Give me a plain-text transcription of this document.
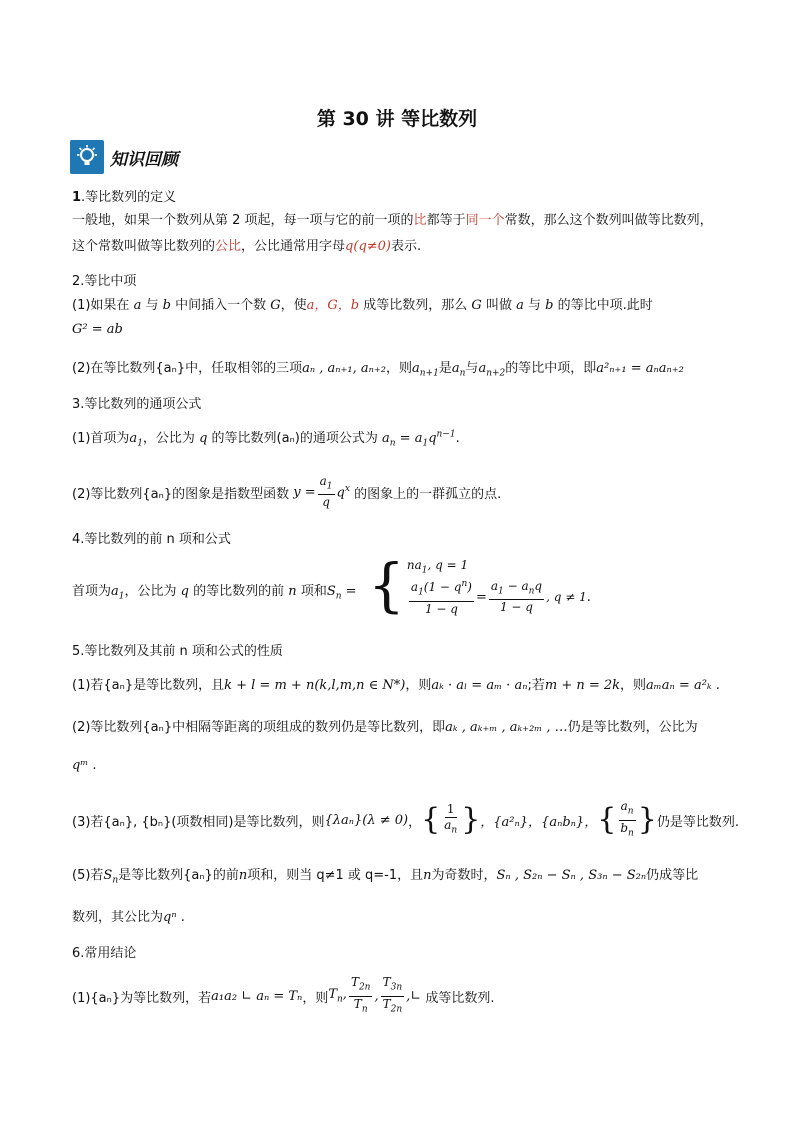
第 30 讲 等比数列
知识回顾
1.等比数列的定义
一般地，如果一个数列从第 2 项起，每一项与它的前一项的比都等于同一个常数，那么这个数列叫做等比数列，这个常数叫做等比数列的公比，公比通常用字母q(q≠0)表示.
2.等比中项
(1)如果在 a 与 b 中间插入一个数 G，使a，G，b 成等比数列，那么 G 叫做 a 与 b 的等比中项.此时
G² = ab
(2)在等比数列{aₙ}中，任取相邻的三项aₙ , aₙ₊₁, aₙ₊₂，则$a_{n+1}$是$a_n$与$a_{n+2}$的等比中项，即a²ₙ₊₁ = aₙaₙ₊₂
3.等比数列的通项公式
(1)首项为$a_1$，公比为 q 的等比数列(aₙ)的通项公式为 $a_n = a_1q^{n-1}$.
(2)等比数列{aₙ}的图象是指数型函数 $y = \frac{a_1}{q} q^x$
的图象上的一群孤立的点.
4.等比数列的前 n 项和公式
首项为$a_1$，公比为 q 的等比数列的前 n 项和$S_n$ = { $na_1$, q = 1
$\frac{a_1(1 - q^n)}{1 - q} = \frac{a_1 - a_nq}{1 - q}$ , q ≠ 1 .
5.等比数列及其前 n 项和公式的性质
(1)若{aₙ}是等比数列，且k + l = m + n(k,l,m,n ∈ N*)，则aₖ · aₗ = aₘ · aₙ;若m + n = 2k，则aₘaₙ = a²ₖ .
(2)等比数列{aₙ}中相隔等距离的项组成的数列仍是等比数列，即aₖ , aₖ₊ₘ , aₖ₊₂ₘ , …仍是等比数列，公比为
qᵐ .
(3)若{aₙ}, {bₙ}(项数相同)是等比数列，则 {λaₙ}(λ ≠ 0) ， { $\frac{1}{a_n}$ } ，{a²ₙ}，{aₙbₙ}， { $\frac{a_n}{b_n}$ } 仍是等比数列.
(5)若$S_n$是等比数列{aₙ}的前n项和，则当 q≠1 或 q=-1，且n为奇数时，Sₙ , S₂ₙ − Sₙ , S₃ₙ − S₂ₙ仍成等比
数列，其公比为qⁿ .
6.常用结论
(1){aₙ}为等比数列，若 a₁a₂ ∟ aₙ = Tₙ ，则 $T_n$, $\frac{T_{2n}}{T_n}$ , $\frac{T_{3n}}{T_{2n}}$ ,∟
成等比数列.
